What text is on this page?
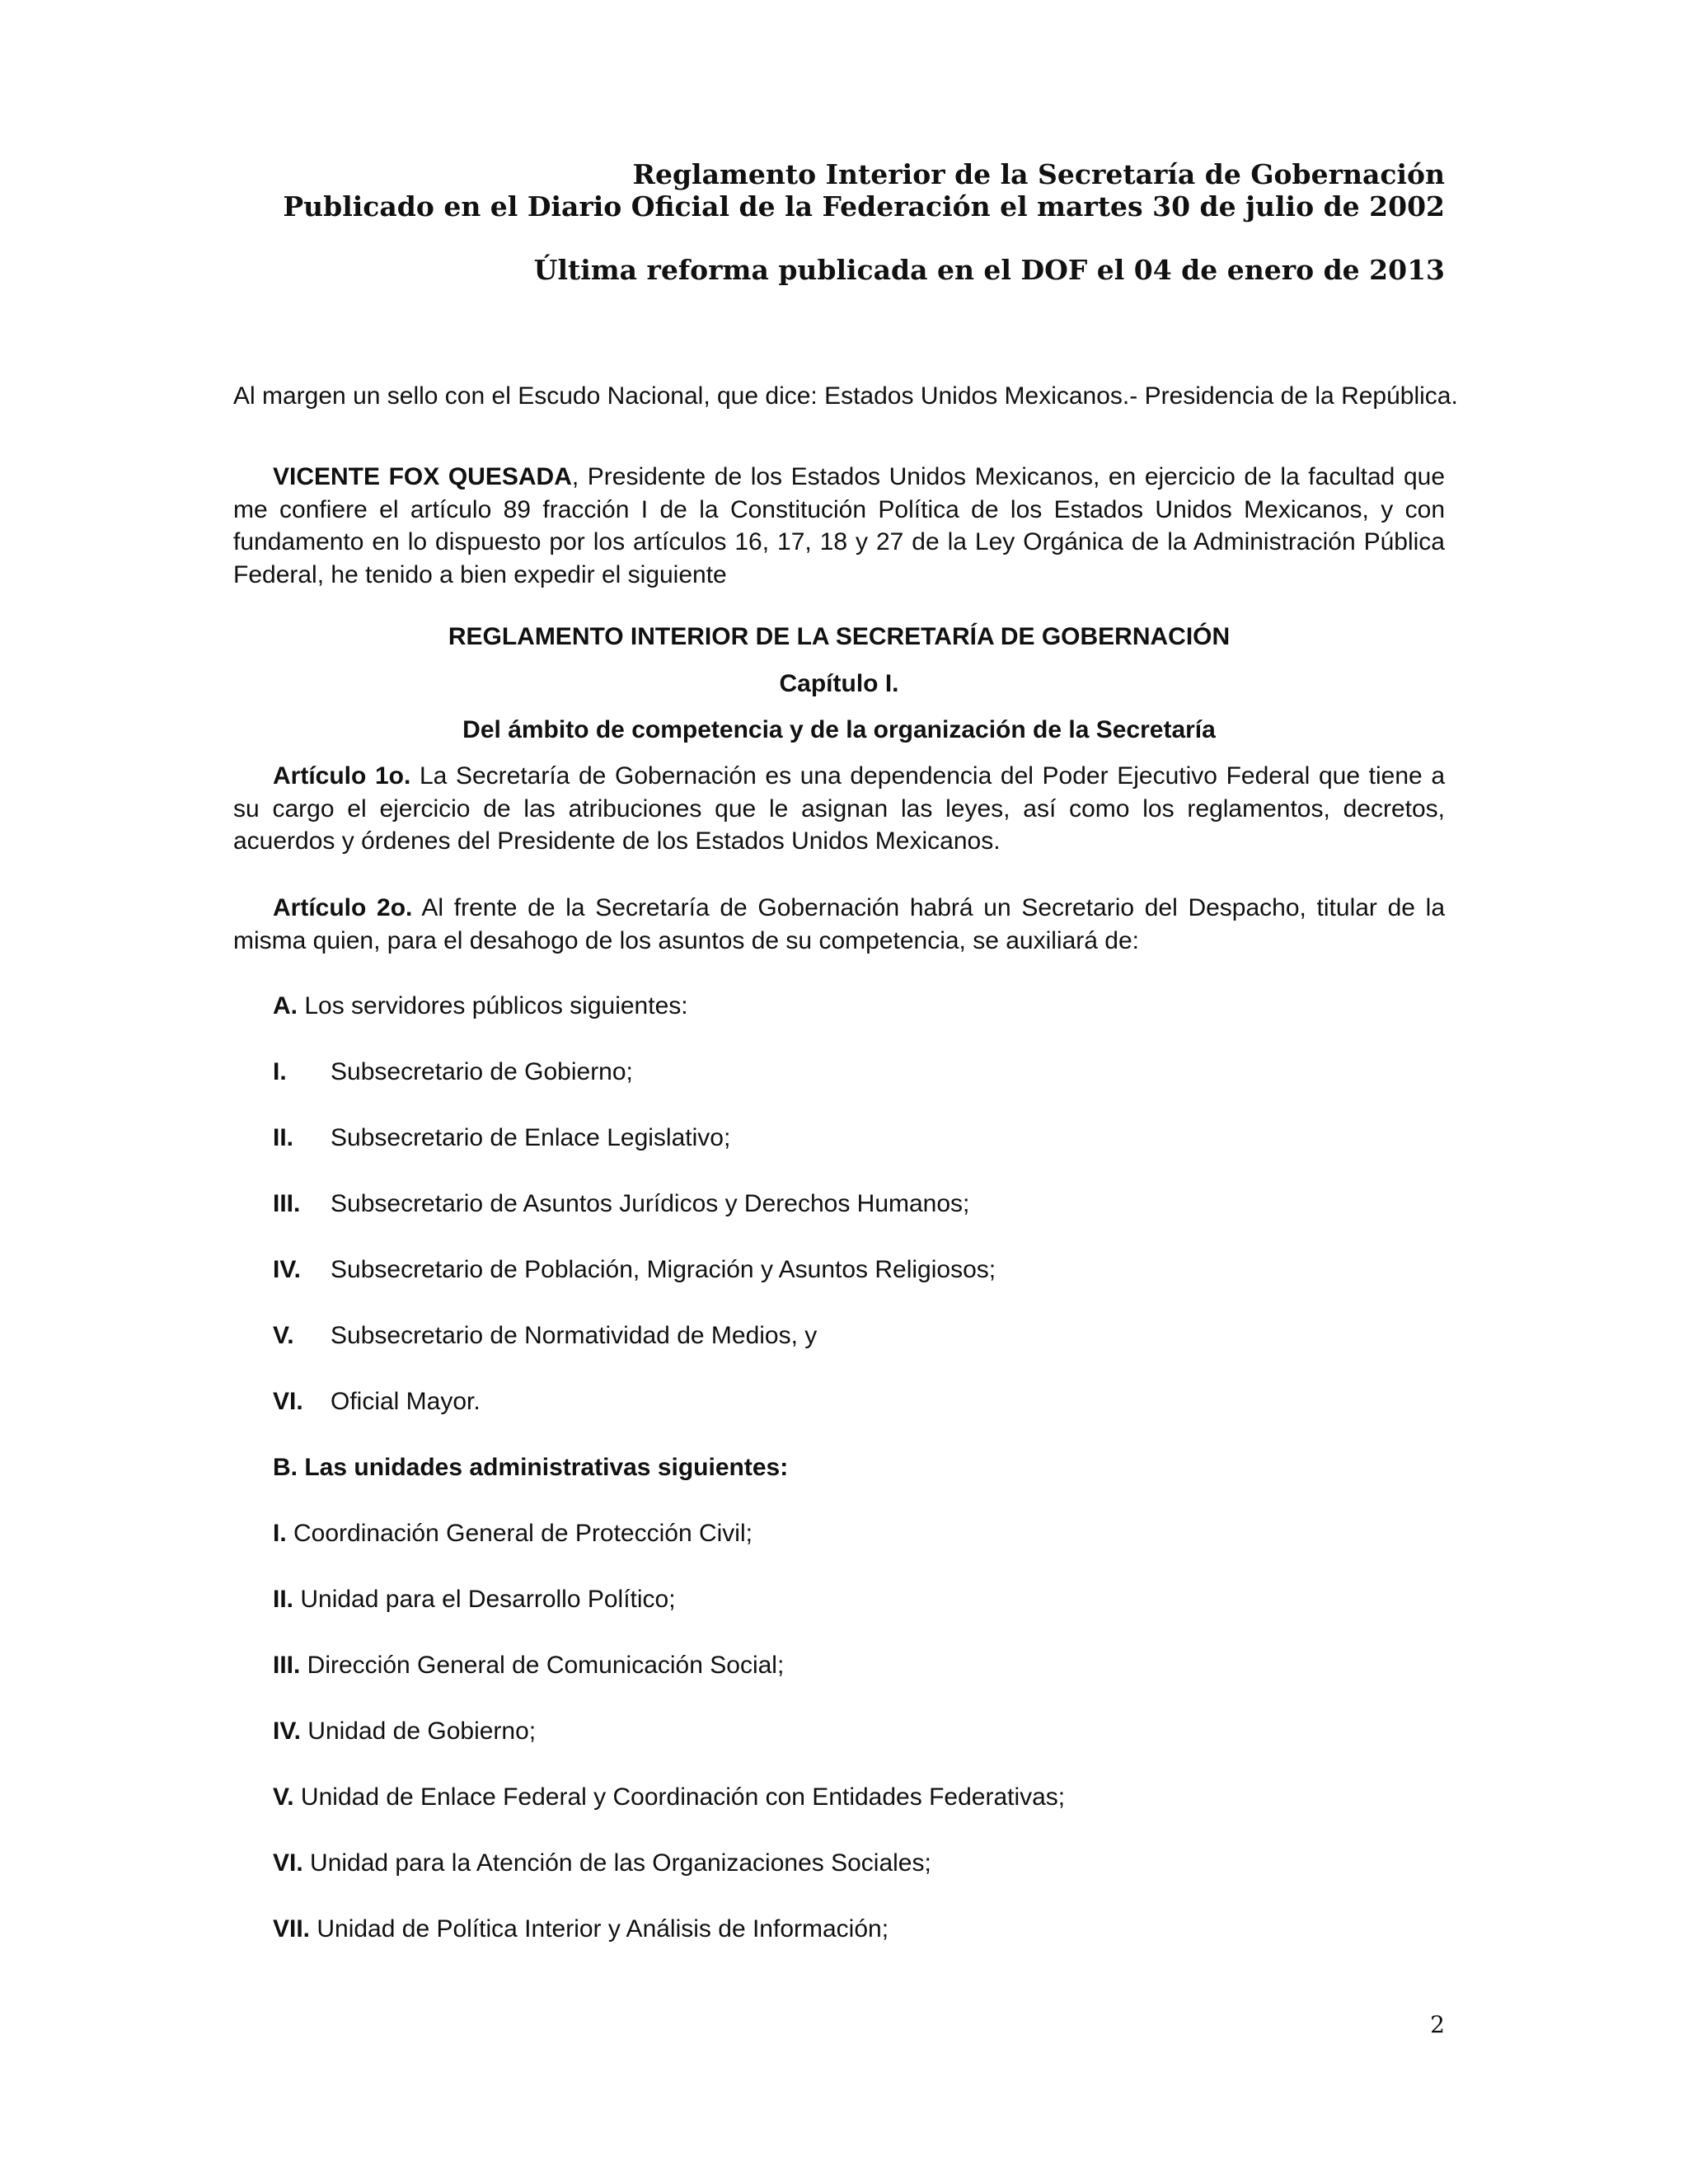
Reglamento Interior de la Secretaría de Gobernación
Publicado en el Diario Oficial de la Federación el martes 30 de julio de 2002
Última reforma publicada en el DOF el 04 de enero de 2013
Al margen un sello con el Escudo Nacional, que dice: Estados Unidos Mexicanos.- Presidencia de la República.
VICENTE FOX QUESADA, Presidente de los Estados Unidos Mexicanos, en ejercicio de la facultad que me confiere el artículo 89 fracción I de la Constitución Política de los Estados Unidos Mexicanos, y con fundamento en lo dispuesto por los artículos 16, 17, 18 y 27 de la Ley Orgánica de la Administración Pública Federal, he tenido a bien expedir el siguiente
REGLAMENTO INTERIOR DE LA SECRETARÍA DE GOBERNACIÓN
Capítulo I.
Del ámbito de competencia y de la organización de la Secretaría
Artículo 1o. La Secretaría de Gobernación es una dependencia del Poder Ejecutivo Federal que tiene a su cargo el ejercicio de las atribuciones que le asignan las leyes, así como los reglamentos, decretos, acuerdos y órdenes del Presidente de los Estados Unidos Mexicanos.
Artículo 2o. Al frente de la Secretaría de Gobernación habrá un Secretario del Despacho, titular de la misma quien, para el desahogo de los asuntos de su competencia, se auxiliará de:
A. Los servidores públicos siguientes:
I. Subsecretario de Gobierno;
II. Subsecretario de Enlace Legislativo;
III. Subsecretario de Asuntos Jurídicos y Derechos Humanos;
IV. Subsecretario de Población, Migración y Asuntos Religiosos;
V. Subsecretario de Normatividad de Medios, y
VI. Oficial Mayor.
B. Las unidades administrativas siguientes:
I. Coordinación General de Protección Civil;
II. Unidad para el Desarrollo Político;
III. Dirección General de Comunicación Social;
IV. Unidad de Gobierno;
V. Unidad de Enlace Federal y Coordinación con Entidades Federativas;
VI. Unidad para la Atención de las Organizaciones Sociales;
VII. Unidad de Política Interior y Análisis de Información;
2
